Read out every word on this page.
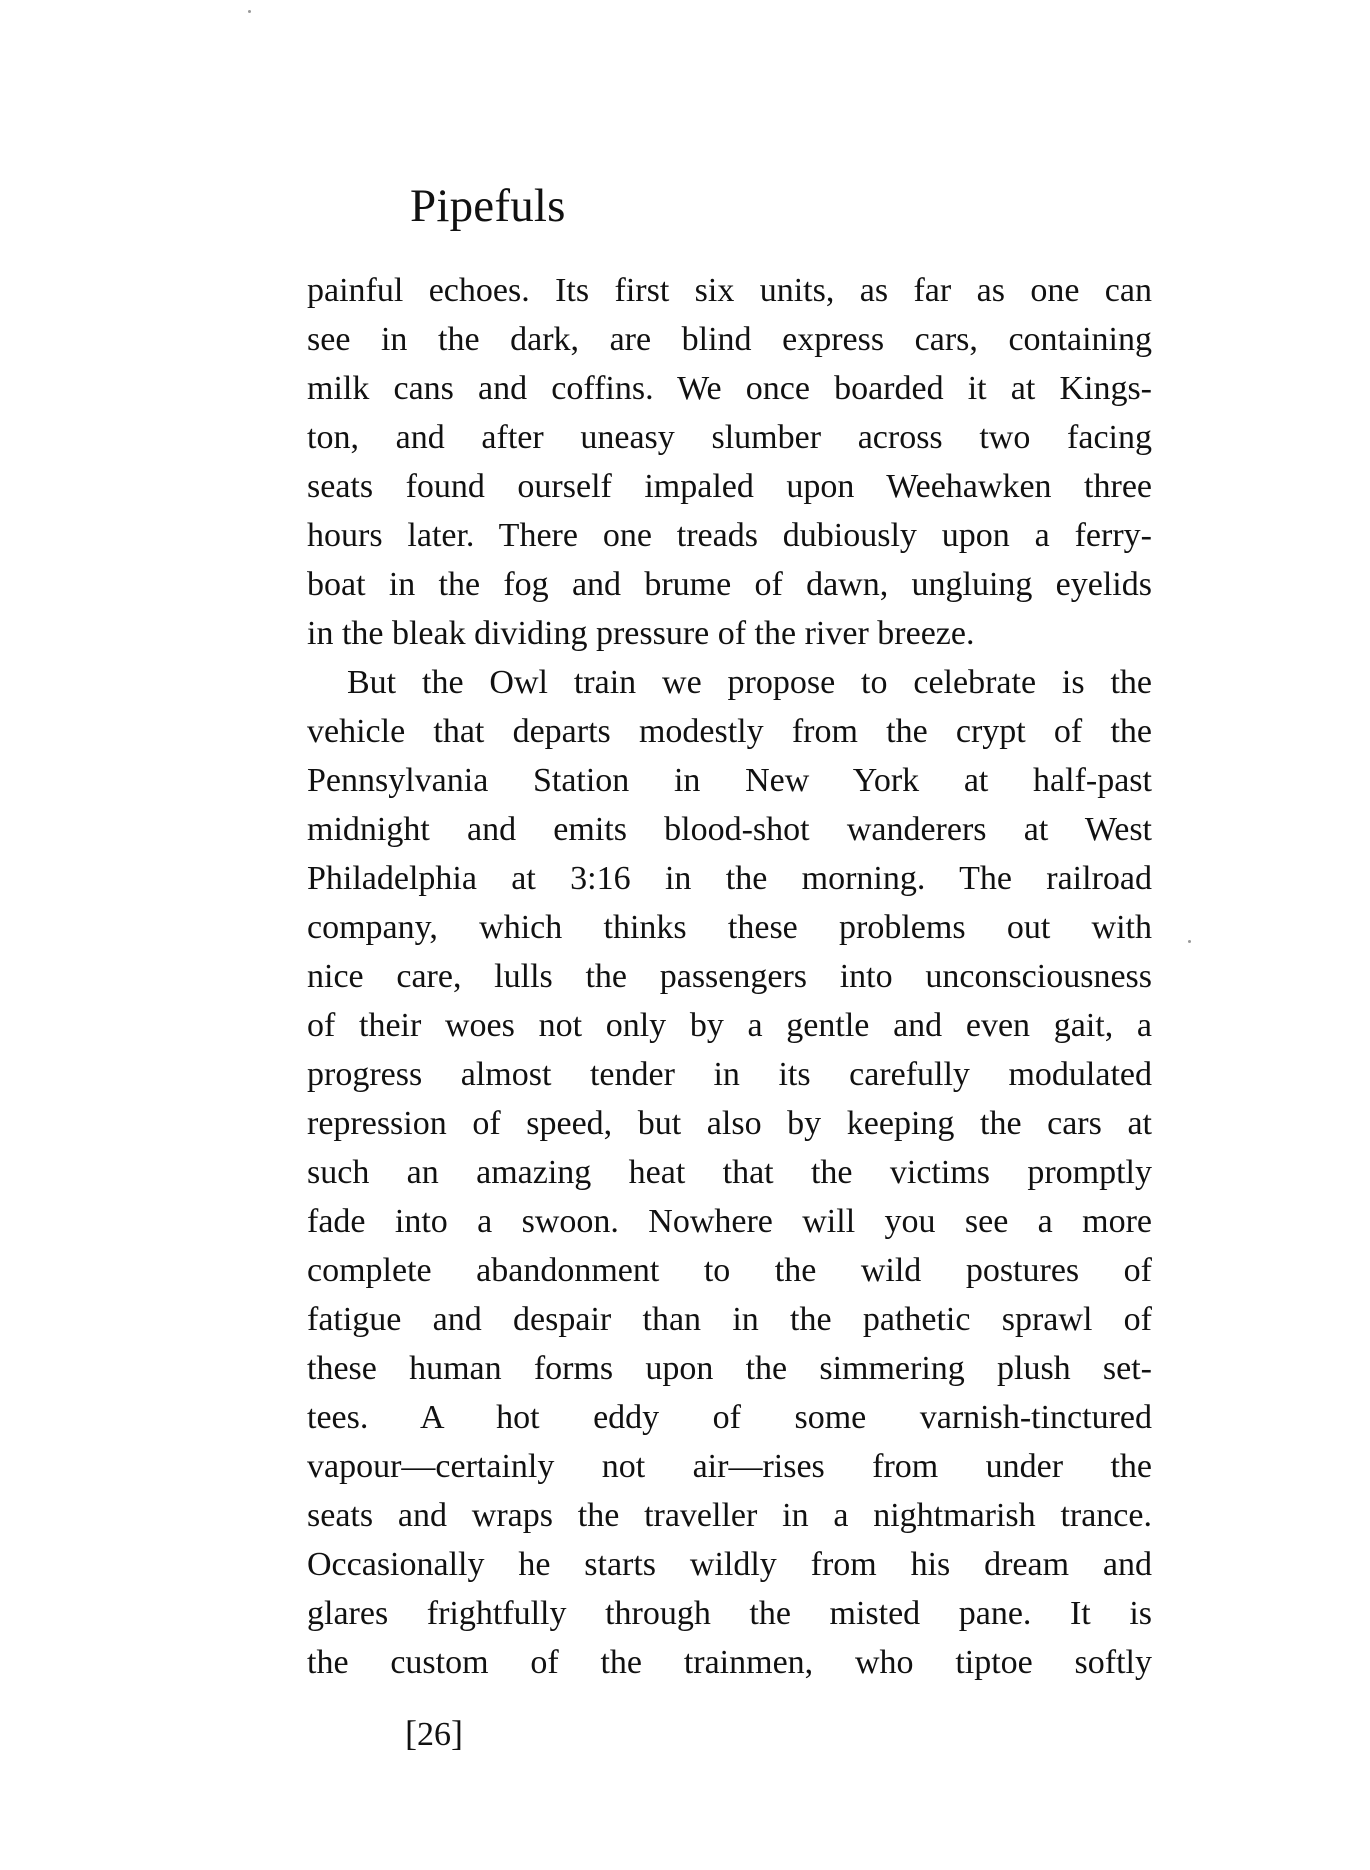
Pipefuls
painful echoes. Its first six units, as far as one can
see in the dark, are blind express cars, containing
milk cans and coffins. We once boarded it at Kings-
ton, and after uneasy slumber across two facing
seats found ourself impaled upon Weehawken three
hours later. There one treads dubiously upon a ferry-
boat in the fog and brume of dawn, ungluing eyelids
in the bleak dividing pressure of the river breeze.
But the Owl train we propose to celebrate is the
vehicle that departs modestly from the crypt of the
Pennsylvania Station in New York at half-past
midnight and emits blood-shot wanderers at West
Philadelphia at 3:16 in the morning. The railroad
company, which thinks these problems out with
nice care, lulls the passengers into unconsciousness
of their woes not only by a gentle and even gait, a
progress almost tender in its carefully modulated
repression of speed, but also by keeping the cars at
such an amazing heat that the victims promptly
fade into a swoon. Nowhere will you see a more
complete abandonment to the wild postures of
fatigue and despair than in the pathetic sprawl of
these human forms upon the simmering plush set-
tees. A hot eddy of some varnish-tinctured
vapour—certainly not air—rises from under the
seats and wraps the traveller in a nightmarish trance.
Occasionally he starts wildly from his dream and
glares frightfully through the misted pane. It is
the custom of the trainmen, who tiptoe softly
[26]
